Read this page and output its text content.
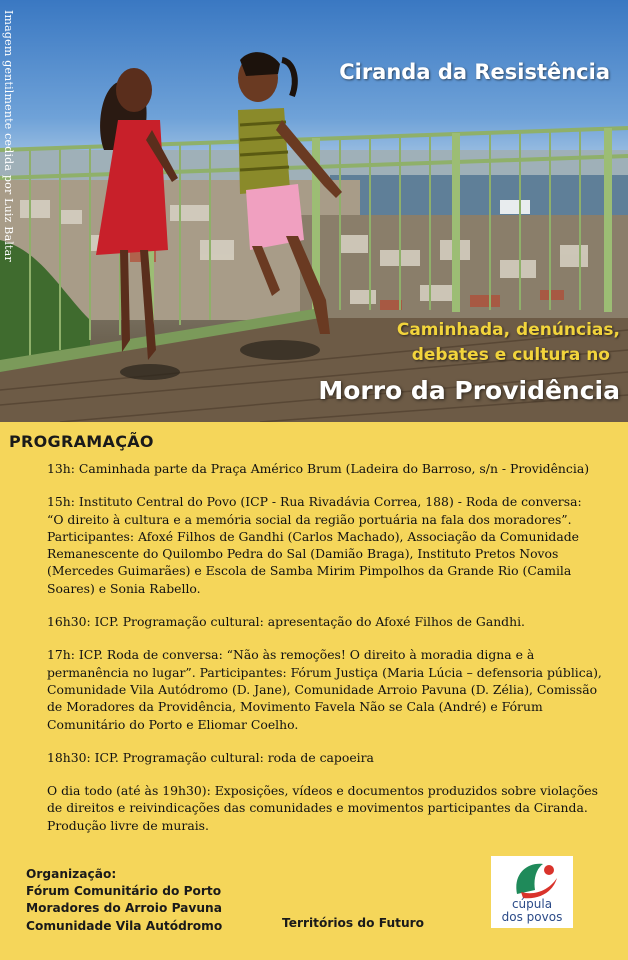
Imagem gentilmente cedida por Luiz Baltar	Ciranda da Resistência
Caminhada, denúncias,
debates e cultura no
Morro da Providência
PROGRAMAÇÃO

13h: Caminhada parte da Praça Américo Brum (Ladeira do Barroso, s/n - Providência)

15h: Instituto Central do Povo (ICP - Rua Rivadávia Correa, 188) - Roda de conversa: “O direito à cultura e a memória social da região portuária na fala dos moradores”. Participantes: Afoxé Filhos de Gandhi (Carlos Machado), Associação da Comunidade Remanescente do Quilombo Pedra do Sal (Damião Braga), Instituto Pretos Novos (Mercedes Guimarães) e Escola de Samba Mirim Pimpolhos da Grande Rio (Camila Soares) e Sonia Rabello.

16h30: ICP. Programação cultural: apresentação do Afoxé Filhos de Gandhi.

17h: ICP. Roda de conversa: “Não às remoções! O direito à moradia digna e à permanência no lugar”. Participantes: Fórum Justiça (Maria Lúcia – defensoria pública), Comunidade Vila Autódromo (D. Jane), Comunidade Arroio Pavuna (D. Zélia), Comissão de Moradores da Providência, Movimento Favela Não se Cala (André) e Fórum Comunitário do Porto e Eliomar Coelho.

18h30: ICP. Programação cultural: roda de capoeira

O dia todo (até às 19h30): Exposições, vídeos e documentos produzidos sobre violações de direitos e reivindicações das comunidades e movimentos participantes da Ciranda. Produção livre de murais.

Organização:
Fórum Comunitário do Porto
Moradores do Arroio Pavuna
Comunidade Vila Autódromo	Territórios do Futuro
cúpula
dos povos
